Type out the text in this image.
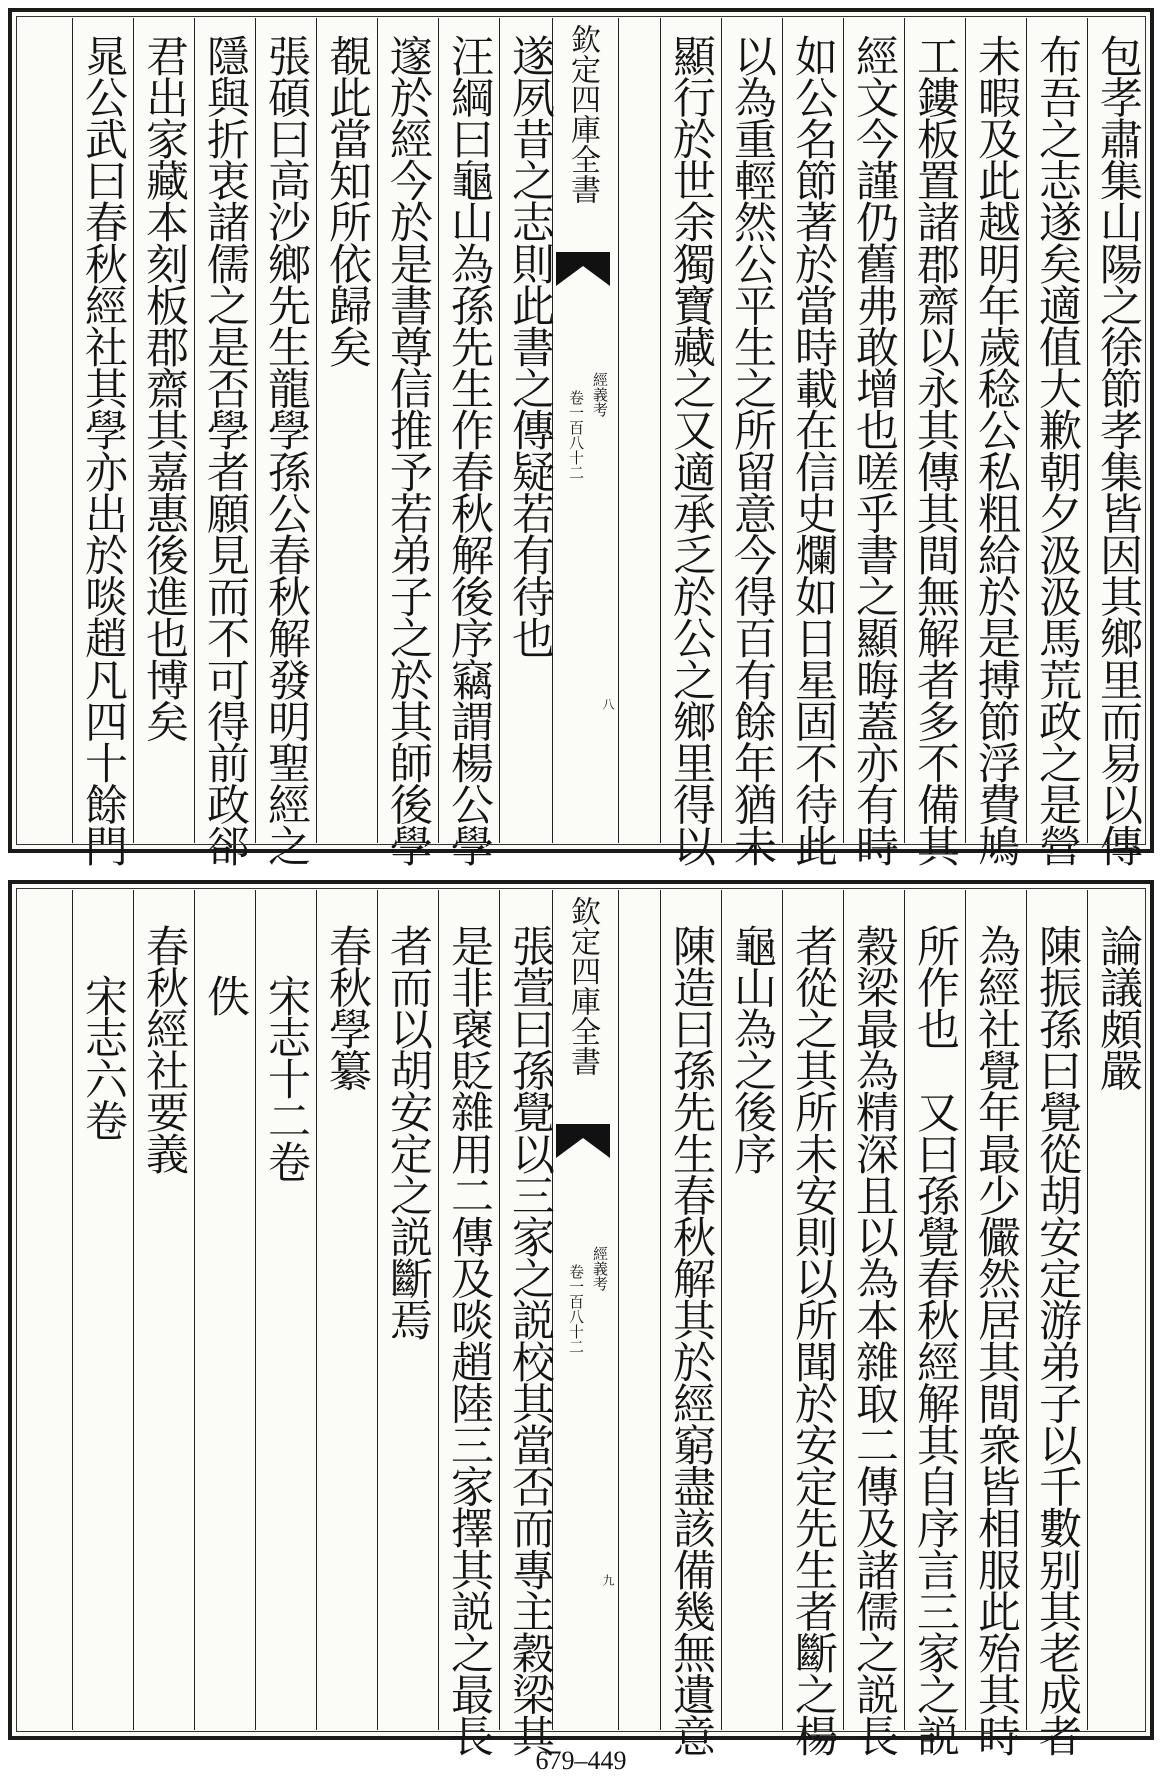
包孝肅集山陽之徐節孝集皆因其鄉里而易以傳
布吾之志遂矣適值大歉朝夕汲汲馬荒政之是營
未暇及此越明年歲稔公私粗給於是搏節浮費鳩
工鏤板置諸郡齋以永其傳其間無解者多不備其
經文今謹仍舊弗敢增也嗟乎書之顯晦蓋亦有時
如公名節著於當時載在信史爛如日星固不待此
以為重輕然公平生之所留意今得百有餘年猶未
顯行於世余獨寶藏之又適承乏於公之鄉里得以
欽定四庫全書
經義考
卷一百八十二
八
遂夙昔之志則此書之傳疑若有待也
汪綱曰龜山為孫先生作春秋解後序竊謂楊公學
邃於經今於是書尊信推予若弟子之於其師後學
覩此當知所依歸矣
張碩曰高沙鄉先生龍學孫公春秋解發明聖經之
隱與折衷諸儒之是否學者願見而不可得前政郤
君出家藏本刻板郡齋其嘉惠後進也博矣
晁公武曰春秋經社其學亦出於啖趙凡四十餘門
論議頗嚴
陳振孫曰覺從胡安定游弟子以千數别其老成者
為經社覺年最少儼然居其間衆皆相服此殆其時
所作也　又曰孫覺春秋經解其自序言三家之説
穀梁最為精深且以為本雜取二傳及諸儒之説長
者從之其所未安則以所聞於安定先生者斷之楊
龜山為之後序
陳造曰孫先生春秋解其於經窮盡該備幾無遺意
欽定四庫全書
經義考
卷一百八十二
九
張萱曰孫覺以三家之説校其當否而專主穀梁其
是非襃貶雜用二傳及啖趙陸三家擇其説之最長
者而以胡安定之説斷焉
春秋學纂
宋志十二卷
佚
春秋經社要義
宋志六卷
679–449
